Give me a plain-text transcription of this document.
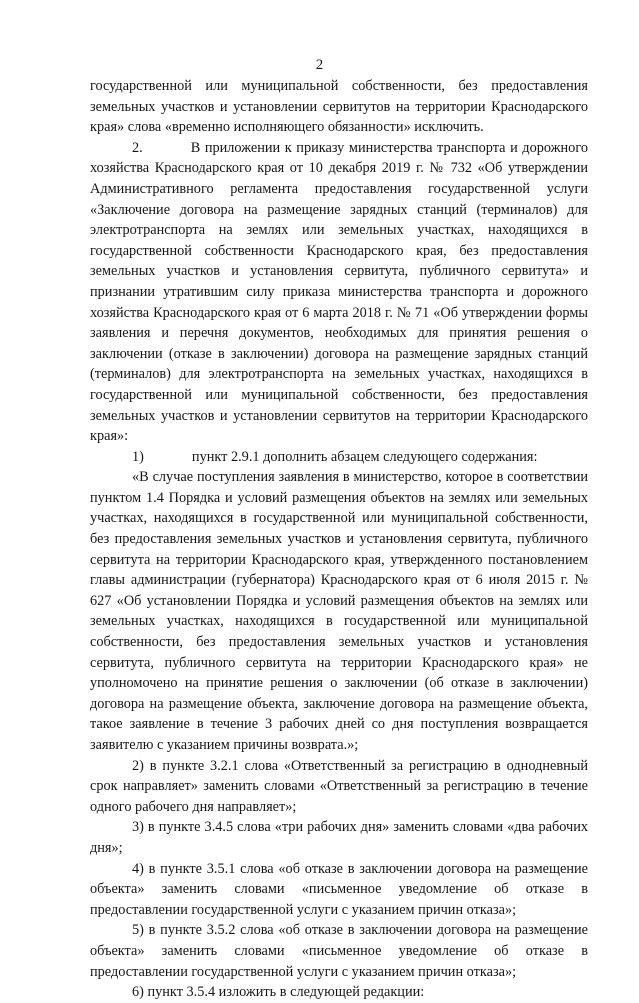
2

государственной или муниципальной собственности, без предоставления земельных участков и установлении сервитутов на территории Краснодарского края» слова «временно исполняющего обязанности» исключить.

2.	В приложении к приказу министерства транспорта и дорожного хозяйства Краснодарского края от 10 декабря 2019 г. № 732 «Об утверждении Административного регламента предоставления государственной услуги «Заключение договора на размещение зарядных станций (терминалов) для электротранспорта на землях или земельных участках, находящихся в государственной собственности Краснодарского края, без предоставления земельных участков и установления сервитута, публичного сервитута» и признании утратившим силу приказа министерства транспорта и дорожного хозяйства Краснодарского края от 6 марта 2018 г. № 71 «Об утверждении формы заявления и перечня документов, необходимых для принятия решения о заключении (отказе в заключении) договора на размещение зарядных станций (терминалов) для электротранспорта на земельных участках, находящихся в государственной или муниципальной собственности, без предоставления земельных участков и установлении сервитутов на территории Краснодарского края»:

1)	пункт 2.9.1 дополнить абзацем следующего содержания:

«В случае поступления заявления в министерство, которое в соответствии пунктом 1.4 Порядка и условий размещения объектов на землях или земельных участках, находящихся в государственной или муниципальной собственности, без предоставления земельных участков и установления сервитута, публичного сервитута на территории Краснодарского края, утвержденного постановлением главы администрации (губернатора) Краснодарского края от 6 июля 2015 г. № 627 «Об установлении Порядка и условий размещения объектов на землях или земельных участках, находящихся в государственной или муниципальной собственности, без предоставления земельных участков и установления сервитута, публичного сервитута на территории Краснодарского края» не уполномочено на принятие решения о заключении (об отказе в заключении) договора на размещение объекта, заключение договора на размещение объекта, такое заявление в течение 3 рабочих дней со дня поступления возвращается заявителю с указанием причины возврата.»;

2) в пункте 3.2.1 слова «Ответственный за регистрацию в однодневный срок направляет» заменить словами «Ответственный за регистрацию в течение одного рабочего дня направляет»;

3) в пункте 3.4.5 слова «три рабочих дня» заменить словами «два рабочих дня»;

4) в пункте 3.5.1 слова «об отказе в заключении договора на размещение объекта» заменить словами «письменное уведомление об отказе в предоставлении государственной услуги с указанием причин отказа»;

5) в пункте 3.5.2 слова «об отказе в заключении договора на размещение объекта» заменить словами «письменное уведомление об отказе в предоставлении государственной услуги с указанием причин отказа»;

6) пункт 3.5.4 изложить в следующей редакции:
